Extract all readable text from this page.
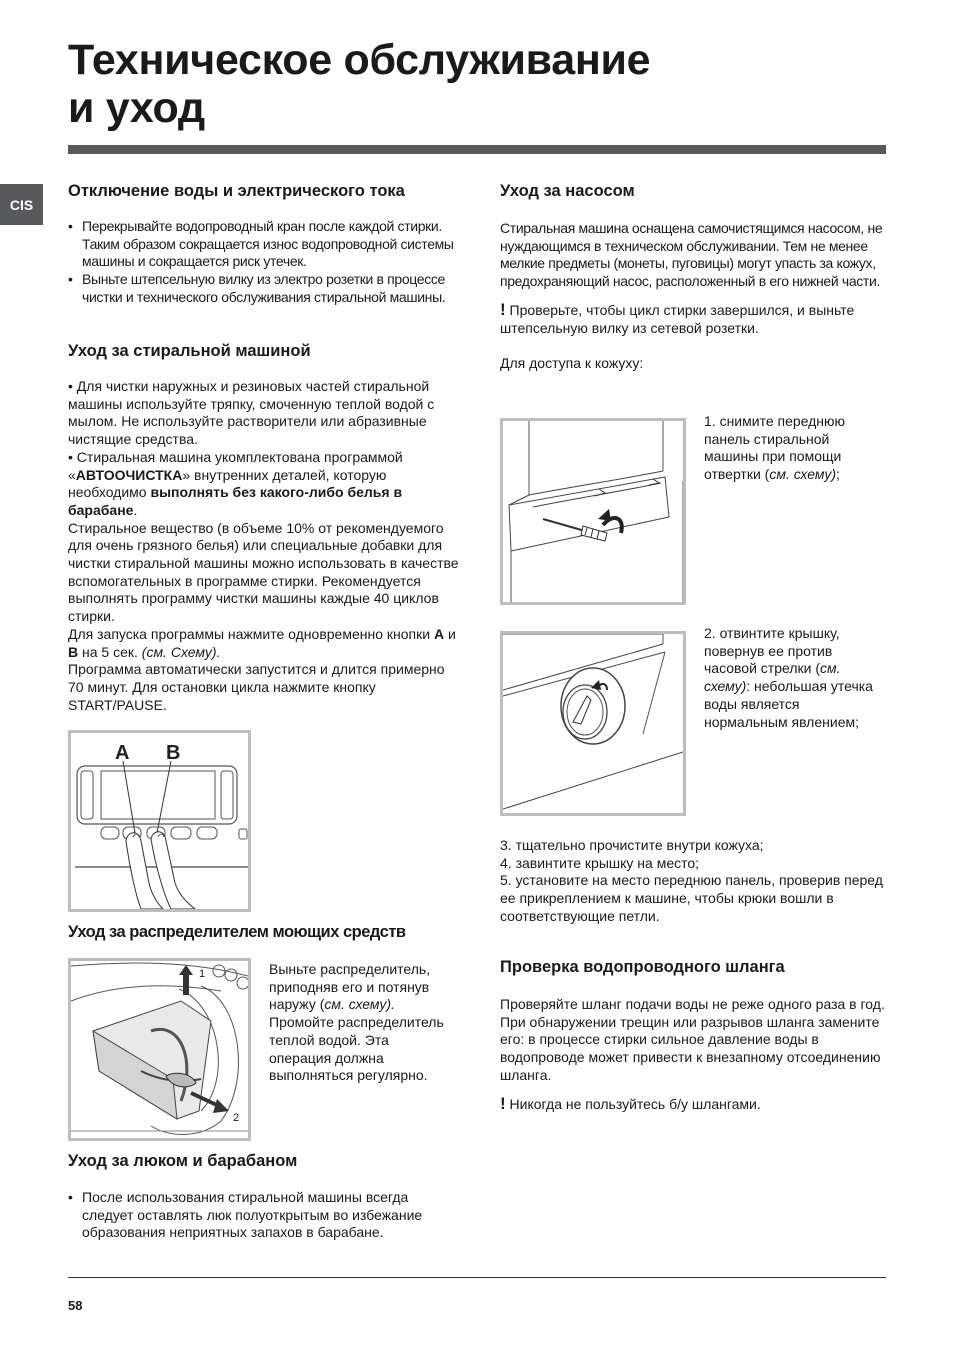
Техническое обслуживание
и уход
CIS
Отключение воды и электрического тока
• Перекрывайте водопроводный кран после каждой стирки. Таким образом сокращается износ водопроводной системы машины и сокращается риск утечек.
• Выньте штепсельную вилку из электро розетки в процессе чистки и технического обслуживания стиральной машины.
Уход за стиральной машиной
• Для чистки наружных и резиновых частей стиральной машины используйте тряпку, смоченную теплой водой с мылом. Не используйте растворители или абразивные чистящие средства.
• Стиральная машина укомплектована программой «АВТООЧИСТКА» внутренних деталей, которую необходимо выполнять без какого-либо белья в барабане.
Стиральное вещество (в объеме 10% от рекомендуемого для очень грязного белья) или специальные добавки для чистки стиральной машины можно использовать в качестве вспомогательных в программе стирки. Рекомендуется выполнять программу чистки машины каждые 40 циклов стирки.
Для запуска программы нажмите одновременно кнопки A и B на 5 сек. (см. Схему).
Программа автоматически запустится и длится примерно 70 минут. Для остановки цикла нажмите кнопку START/PAUSE.
A B
Уход за распределителем моющих средств
1
2
Выньте распределитель, приподняв его и потянув наружу (см. схему). Промойте распределитель теплой водой. Эта операция должна выполняться регулярно.
Уход за люком и барабаном
• После использования стиральной машины всегда следует оставлять люк полуоткрытым во избежание образования неприятных запахов в барабане.
Уход за насосом
Стиральная машина оснащена самочистящимся насосом, не нуждающимся в техническом обслуживании. Тем не менее мелкие предметы (монеты, пуговицы) могут упасть за кожух, предохраняющий насос, расположенный в его нижней части.
! Проверьте, чтобы цикл стирки завершился, и выньте штепсельную вилку из сетевой розетки.
Для доступа к кожуху:
1. снимите переднюю панель стиральной машины при помощи отвертки (см. схему);
2. отвинтите крышку, повернув ее против часовой стрелки (см. схему): небольшая утечка воды является нормальным явлением;
3. тщательно прочистите внутри кожуха;
4. завинтите крышку на место;
5. установите на место переднюю панель, проверив перед ее прикреплением к машине, чтобы крюки вошли в соответствующие петли.
Проверка водопроводного шланга
Проверяйте шланг подачи воды не реже одного раза в год. При обнаружении трещин или разрывов шланга замените его: в процессе стирки сильное давление воды в водопроводе может привести к внезапному отсоединению шланга.
! Никогда не пользуйтесь б/у шлангами.
58
